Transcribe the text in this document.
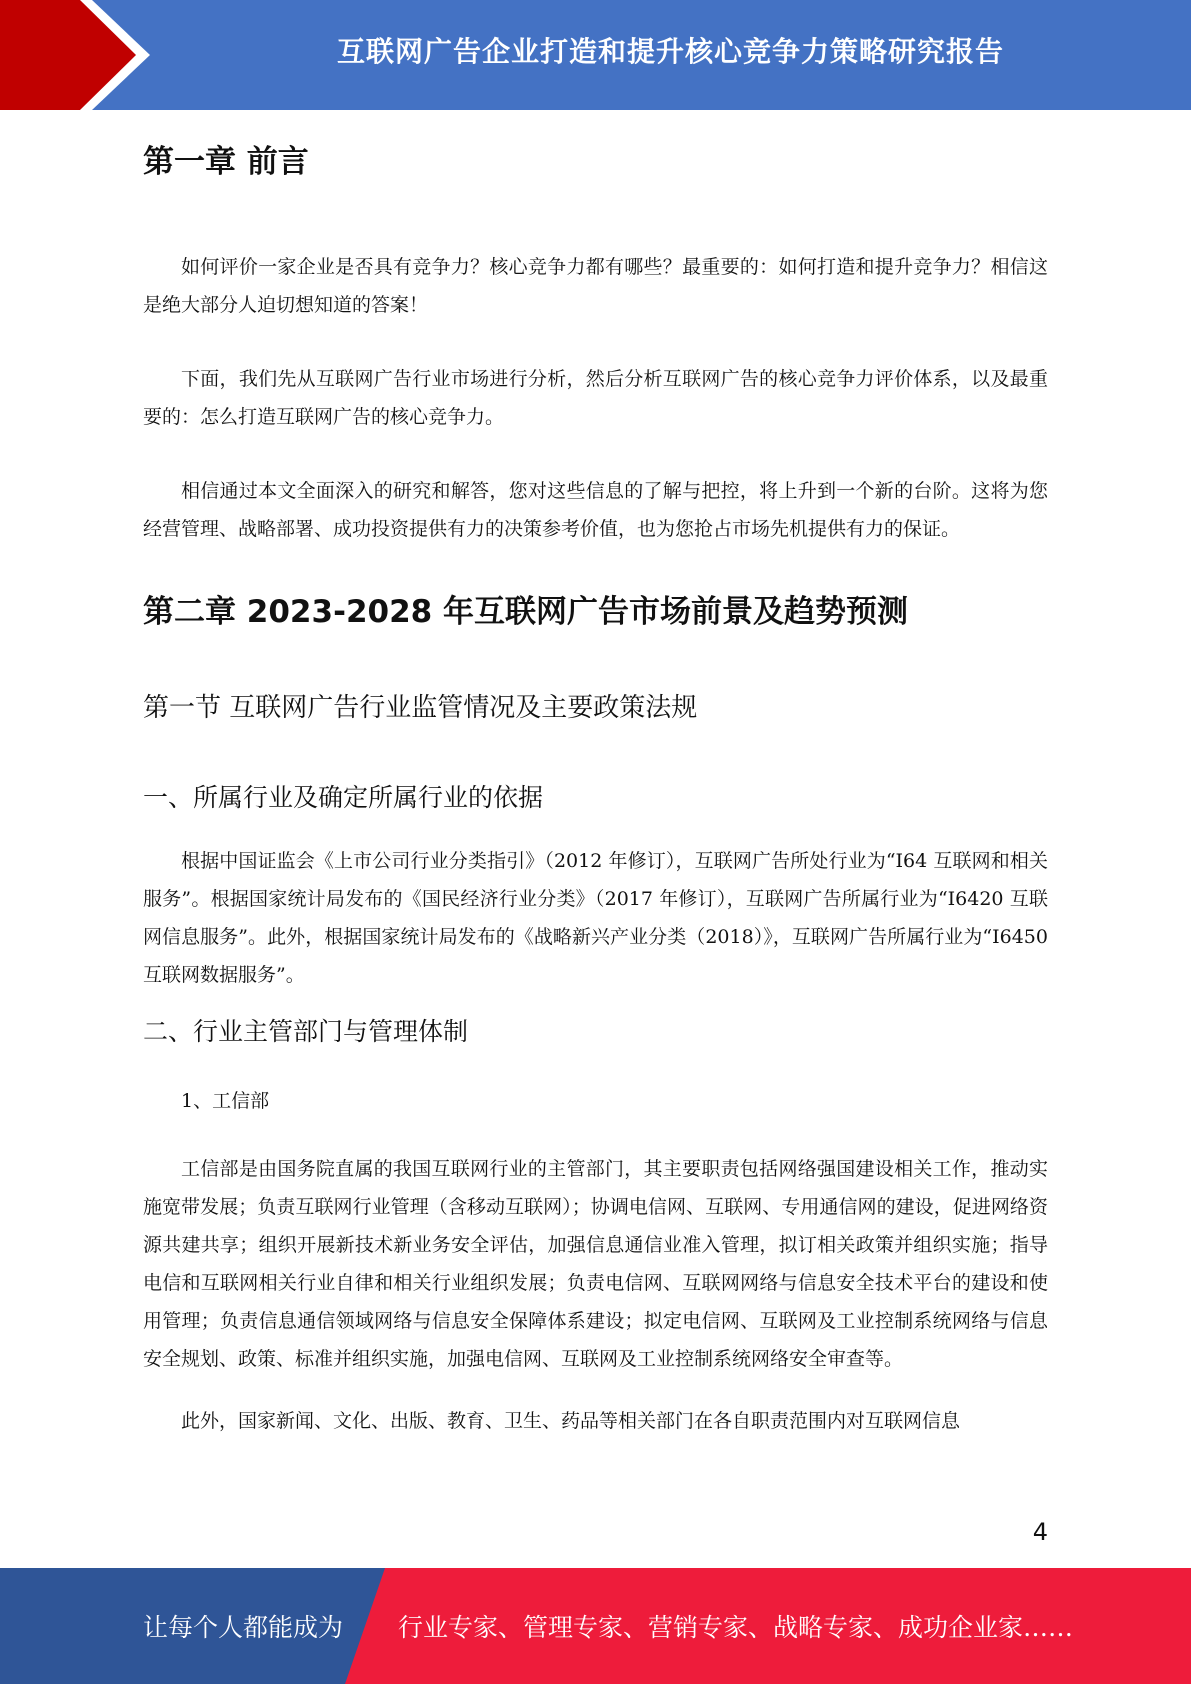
互联网广告企业打造和提升核心竞争力策略研究报告
第一章 前言

如何评价一家企业是否具有竞争力？核心竞争力都有哪些？最重要的：如何打造和提升竞争力？相信这是绝大部分人迫切想知道的答案！

下面，我们先从互联网广告行业市场进行分析，然后分析互联网广告的核心竞争力评价体系，以及最重要的：怎么打造互联网广告的核心竞争力。

相信通过本文全面深入的研究和解答，您对这些信息的了解与把控，将上升到一个新的台阶。这将为您经营管理、战略部署、成功投资提供有力的决策参考价值，也为您抢占市场先机提供有力的保证。

第二章 2023-2028 年互联网广告市场前景及趋势预测
第一节 互联网广告行业监管情况及主要政策法规
一、所属行业及确定所属行业的依据

根据中国证监会《上市公司行业分类指引》（2012 年修订），互联网广告所处行业为“I64 互联网和相关服务”。根据国家统计局发布的《国民经济行业分类》（2017 年修订），互联网广告所属行业为“I6420 互联网信息服务”。此外，根据国家统计局发布的《战略新兴产业分类（2018）》，互联网广告所属行业为“I6450 互联网数据服务”。

二、行业主管部门与管理体制

1、工信部

工信部是由国务院直属的我国互联网行业的主管部门，其主要职责包括网络强国建设相关工作，推动实施宽带发展；负责互联网行业管理（含移动互联网）；协调电信网、互联网、专用通信网的建设，促进网络资源共建共享；组织开展新技术新业务安全评估，加强信息通信业准入管理，拟订相关政策并组织实施；指导电信和互联网相关行业自律和相关行业组织发展；负责电信网、互联网网络与信息安全技术平台的建设和使用管理；负责信息通信领域网络与信息安全保障体系建设；拟定电信网、互联网及工业控制系统网络与信息安全规划、政策、标准并组织实施，加强电信网、互联网及工业控制系统网络安全审查等。

此外，国家新闻、文化、出版、教育、卫生、药品等相关部门在各自职责范围内对互联网信息

4
让每个人都能成为 行业专家、管理专家、营销专家、战略专家、成功企业家……
